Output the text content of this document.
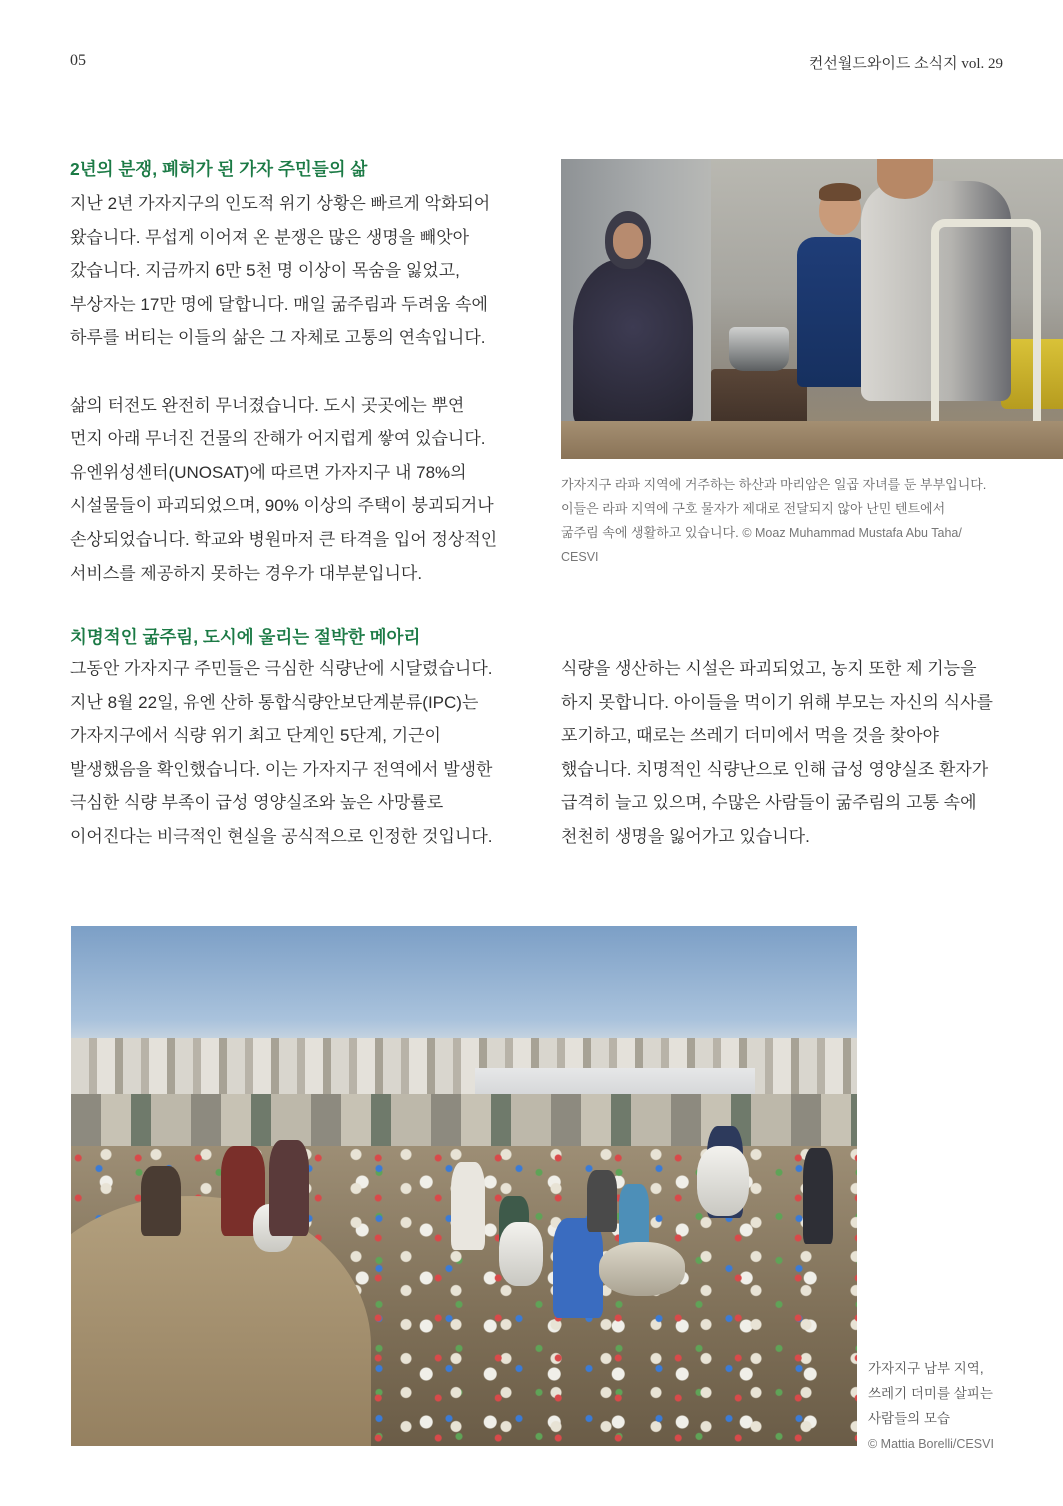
05	컨선월드와이드 소식지 vol. 29
2년의 분쟁, 폐허가 된 가자 주민들의 삶

지난 2년 가자지구의 인도적 위기 상황은 빠르게 악화되어
왔습니다. 무섭게 이어져 온 분쟁은 많은 생명을 빼앗아
갔습니다. 지금까지 6만 5천 명 이상이 목숨을 잃었고,
부상자는 17만 명에 달합니다. 매일 굶주림과 두려움 속에
하루를 버티는 이들의 삶은 그 자체로 고통의 연속입니다.

삶의 터전도 완전히 무너졌습니다. 도시 곳곳에는 뿌연
먼지 아래 무너진 건물의 잔해가 어지럽게 쌓여 있습니다.
유엔위성센터(UNOSAT)에 따르면 가자지구 내 78%의
시설물들이 파괴되었으며, 90% 이상의 주택이 붕괴되거나
손상되었습니다. 학교와 병원마저 큰 타격을 입어 정상적인
서비스를 제공하지 못하는 경우가 대부분입니다.

가자지구 라파 지역에 거주하는 하산과 마리암은 일곱 자녀를 둔 부부입니다.
이들은 라파 지역에 구호 물자가 제대로 전달되지 않아 난민 텐트에서
굶주림 속에 생활하고 있습니다. © Moaz Muhammad Mustafa Abu Taha/
CESVI
치명적인 굶주림, 도시에 울리는 절박한 메아리

그동안 가자지구 주민들은 극심한 식량난에 시달렸습니다.
지난 8월 22일, 유엔 산하 통합식량안보단계분류(IPC)는
가자지구에서 식량 위기 최고 단계인 5단계, 기근이
발생했음을 확인했습니다. 이는 가자지구 전역에서 발생한
극심한 식량 부족이 급성 영양실조와 높은 사망률로
이어진다는 비극적인 현실을 공식적으로 인정한 것입니다.

식량을 생산하는 시설은 파괴되었고, 농지 또한 제 기능을
하지 못합니다. 아이들을 먹이기 위해 부모는 자신의 식사를
포기하고, 때로는 쓰레기 더미에서 먹을 것을 찾아야
했습니다. 치명적인 식량난으로 인해 급성 영양실조 환자가
급격히 늘고 있으며, 수많은 사람들이 굶주림의 고통 속에
천천히 생명을 잃어가고 있습니다.

가자지구 남부 지역,
쓰레기 더미를 살피는
사람들의 모습
© Mattia Borelli/CESVI
